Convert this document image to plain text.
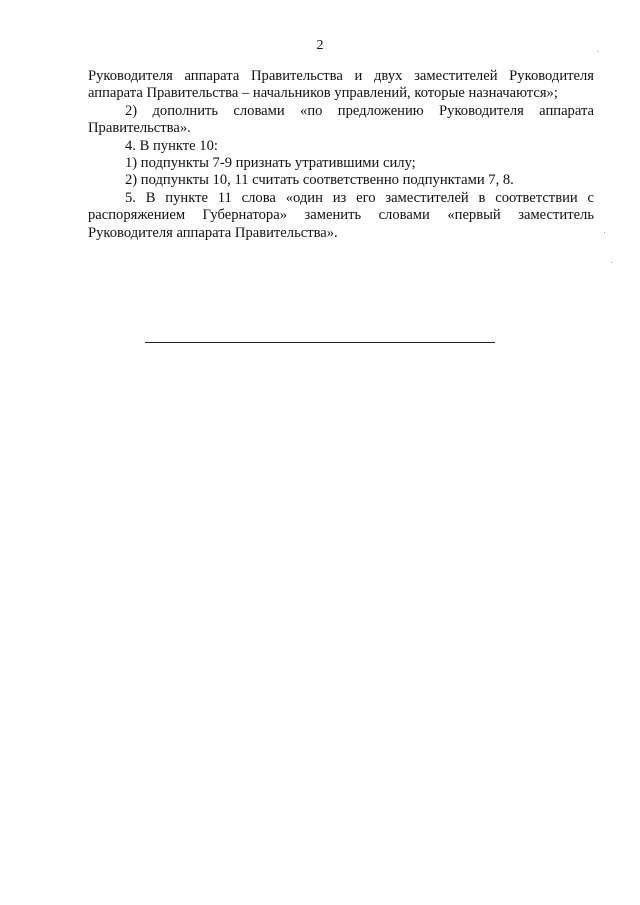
2

Руководителя аппарата Правительства и двух заместителей Руководителя аппарата Правительства – начальников управлений, которые назначаются»;

2) дополнить словами «по предложению Руководителя аппарата Правительства».

4. В пункте 10:

1) подпункты 7-9 признать утратившими силу;

2) подпункты 10, 11 считать соответственно подпунктами 7, 8.

5. В пункте 11 слова «один из его заместителей в соответствии с распоряжением Губернатора» заменить словами «первый заместитель Руководителя аппарата Правительства».
